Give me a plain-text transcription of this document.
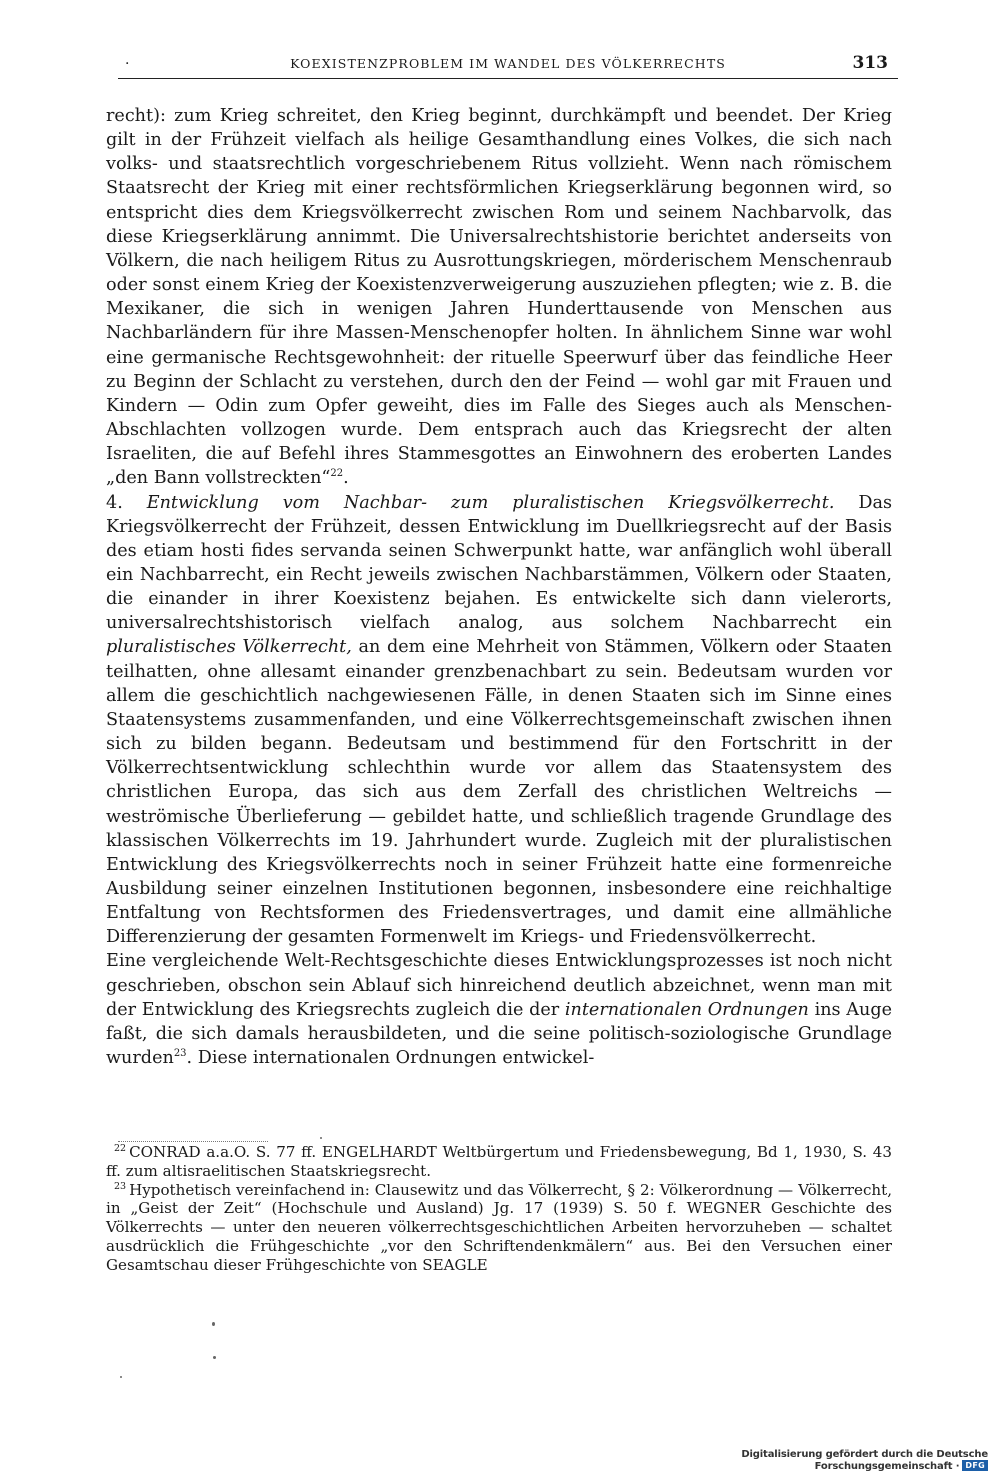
·	KOEXISTENZPROBLEM IM WANDEL DES VÖLKERRECHTS	313

recht): zum Krieg schreitet, den Krieg beginnt, durchkämpft und beendet. Der Krieg gilt in der Frühzeit vielfach als heilige Gesamthandlung eines Volkes, die sich nach volks- und staatsrechtlich vorgeschriebenem Ritus vollzieht. Wenn nach römischem Staatsrecht der Krieg mit einer rechtsförmlichen Kriegserklärung begonnen wird, so entspricht dies dem Kriegsvölkerrecht zwischen Rom und seinem Nachbarvolk, das diese Kriegserklärung annimmt. Die Universalrechtshistorie berichtet anderseits von Völkern, die nach heiligem Ritus zu Ausrottungskriegen, mörderischem Menschenraub oder sonst einem Krieg der Koexistenzverweigerung auszuziehen pflegten; wie z. B. die Mexikaner, die sich in wenigen Jahren Hunderttausende von Menschen aus Nachbarländern für ihre Massen-Menschenopfer holten. In ähnlichem Sinne war wohl eine germanische Rechtsgewohnheit: der rituelle Speerwurf über das feindliche Heer zu Beginn der Schlacht zu verstehen, durch den der Feind — wohl gar mit Frauen und Kindern — Odin zum Opfer geweiht, dies im Falle des Sieges auch als Menschen-Abschlachten vollzogen wurde. Dem entsprach auch das Kriegsrecht der alten Israeliten, die auf Befehl ihres Stammesgottes an Einwohnern des eroberten Landes „den Bann vollstreckten“$^{22}$.

4. Entwicklung vom Nachbar- zum pluralistischen Kriegsvölkerrecht. Das Kriegsvölkerrecht der Frühzeit, dessen Entwicklung im Duellkriegsrecht auf der Basis des etiam hosti fides servanda seinen Schwerpunkt hatte, war anfänglich wohl überall ein Nachbarrecht, ein Recht jeweils zwischen Nachbarstämmen, Völkern oder Staaten, die einander in ihrer Koexistenz bejahen. Es entwickelte sich dann vielerorts, universalrechtshistorisch vielfach analog, aus solchem Nachbarrecht ein pluralistisches Völkerrecht, an dem eine Mehrheit von Stämmen, Völkern oder Staaten teilhatten, ohne allesamt einander grenzbenachbart zu sein. Bedeutsam wurden vor allem die geschichtlich nachgewiesenen Fälle, in denen Staaten sich im Sinne eines Staatensystems zusammenfanden, und eine Völkerrechtsgemeinschaft zwischen ihnen sich zu bilden begann. Bedeutsam und bestimmend für den Fortschritt in der Völkerrechtsentwicklung schlechthin wurde vor allem das Staatensystem des christlichen Europa, das sich aus dem Zerfall des christlichen Weltreichs — weströmische Überlieferung — gebildet hatte, und schließlich tragende Grundlage des klassischen Völkerrechts im 19. Jahrhundert wurde. Zugleich mit der pluralistischen Entwicklung des Kriegsvölkerrechts noch in seiner Frühzeit hatte eine formenreiche Ausbildung seiner einzelnen Institutionen begonnen, insbesondere eine reichhaltige Entfaltung von Rechtsformen des Friedensvertrages, und damit eine allmähliche Differenzierung der gesamten Formenwelt im Kriegs- und Friedensvölkerrecht.

Eine vergleichende Welt-Rechtsgeschichte dieses Entwicklungsprozesses ist noch nicht geschrieben, obschon sein Ablauf sich hinreichend deutlich abzeichnet, wenn man mit der Entwicklung des Kriegsrechts zugleich die der internationalen Ordnungen ins Auge faßt, die sich damals herausbildeten, und die seine politisch-soziologische Grundlage wurden$^{23}$. Diese internationalen Ordnungen entwickel-

$^{22}$ CONRAD a.a.O. S. 77 ff. ENGELHARDT Weltbürgertum und Friedensbewegung, Bd 1, 1930, S. 43 ff. zum altisraelitischen Staatskriegsrecht.

$^{23}$ Hypothetisch vereinfachend in: Clausewitz und das Völkerrecht, § 2: Völkerordnung — Völkerrecht, in „Geist der Zeit“ (Hochschule und Ausland) Jg. 17 (1939) S. 50 f. WEGNER Geschichte des Völkerrechts — unter den neueren völkerrechtsgeschichtlichen Arbeiten hervorzuheben — schaltet ausdrücklich die Frühgeschichte „vor den Schriftendenkmälern“ aus. Bei den Versuchen einer Gesamtschau dieser Frühgeschichte von SEAGLE

Digitalisierung gefördert durch die Deutsche Forschungsgemeinschaft · DFG
